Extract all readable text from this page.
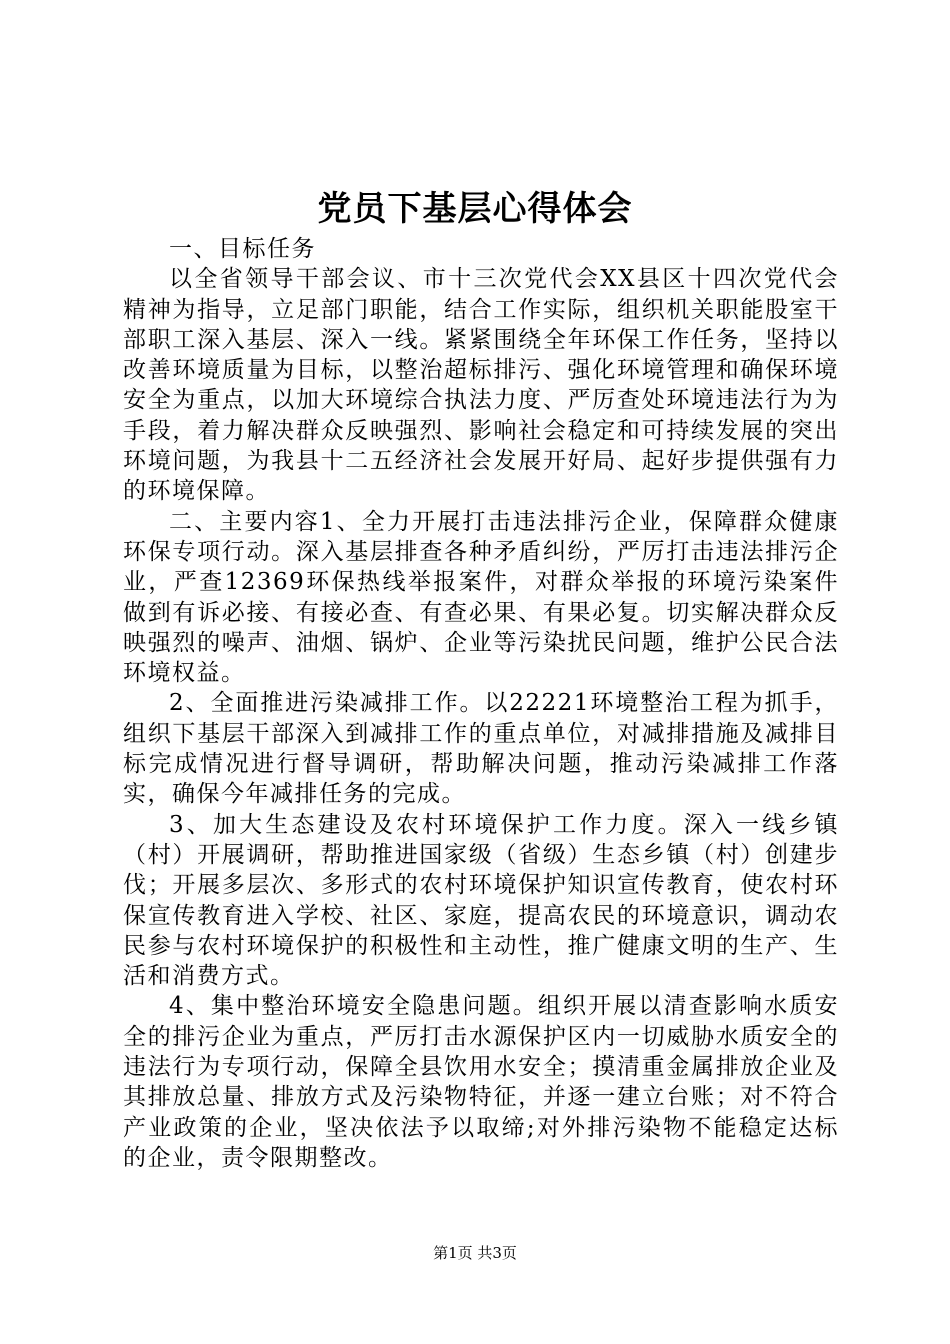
党员下基层心得体会

一、目标任务

以全省领导干部会议、市十三次党代会XX县区十四次党代会精神为指导，立足部门职能，结合工作实际，组织机关职能股室干部职工深入基层、深入一线。紧紧围绕全年环保工作任务，坚持以改善环境质量为目标，以整治超标排污、强化环境管理和确保环境安全为重点，以加大环境综合执法力度、严厉查处环境违法行为为手段，着力解决群众反映强烈、影响社会稳定和可持续发展的突出环境问题，为我县十二五经济社会发展开好局、起好步提供强有力的环境保障。

二、主要内容1、全力开展打击违法排污企业，保障群众健康环保专项行动。深入基层排查各种矛盾纠纷，严厉打击违法排污企业，严查12369环保热线举报案件，对群众举报的环境污染案件做到有诉必接、有接必查、有查必果、有果必复。切实解决群众反映强烈的噪声、油烟、锅炉、企业等污染扰民问题，维护公民合法环境权益。

2、全面推进污染减排工作。以22221环境整治工程为抓手，组织下基层干部深入到减排工作的重点单位，对减排措施及减排目标完成情况进行督导调研，帮助解决问题，推动污染减排工作落实，确保今年减排任务的完成。

3、加大生态建设及农村环境保护工作力度。深入一线乡镇（村）开展调研，帮助推进国家级（省级）生态乡镇（村）创建步伐；开展多层次、多形式的农村环境保护知识宣传教育，使农村环保宣传教育进入学校、社区、家庭，提高农民的环境意识，调动农民参与农村环境保护的积极性和主动性，推广健康文明的生产、生活和消费方式。

4、集中整治环境安全隐患问题。组织开展以清查影响水质安全的排污企业为重点，严厉打击水源保护区内一切威胁水质安全的违法行为专项行动，保障全县饮用水安全；摸清重金属排放企业及其排放总量、排放方式及污染物特征，并逐一建立台账；对不符合产业政策的企业，坚决依法予以取缔;对外排污染物不能稳定达标的企业，责令限期整改。

第1页 共3页
